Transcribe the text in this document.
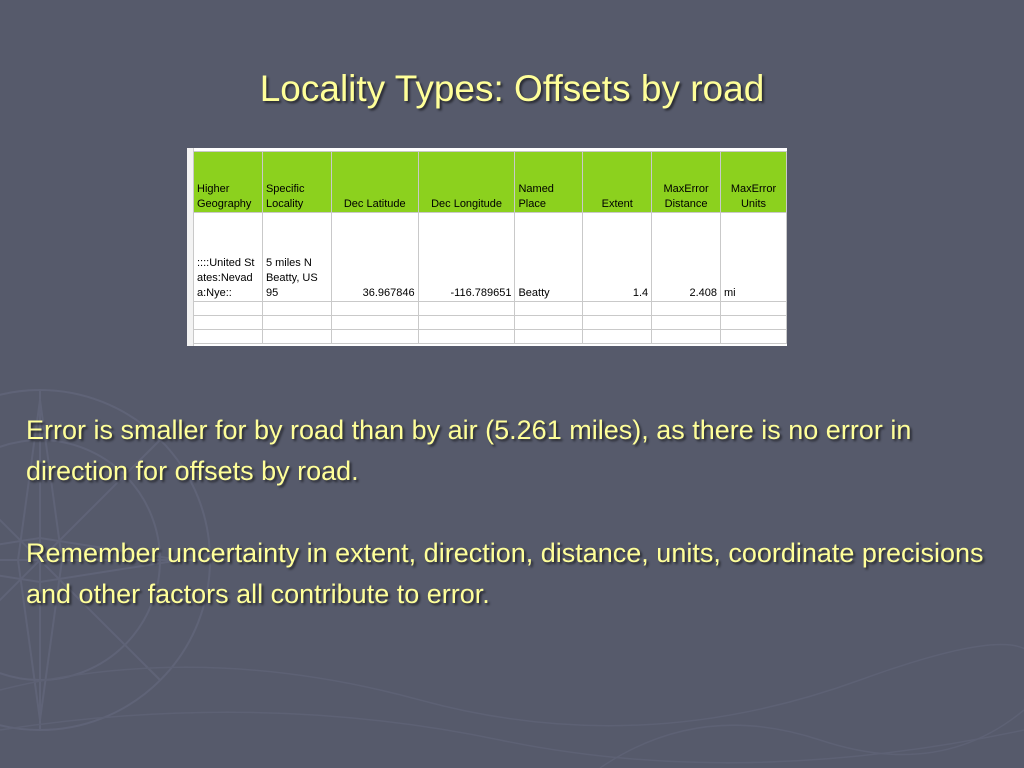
Locality Types: Offsets by road
Higher Geography	Specific Locality	Dec Latitude	Dec Longitude	Named Place	Extent	MaxError Distance	MaxError Units
::::United States:Nevada:Nye::	5 miles N Beatty, US 95	36.967846	-116.789651	Beatty	1.4	2.408	mi

Error is smaller for by road than by air (5.261 miles), as there is no error in direction for offsets by road.
Remember uncertainty in extent, direction, distance, units, coordinate precisions and other factors all contribute to error.
